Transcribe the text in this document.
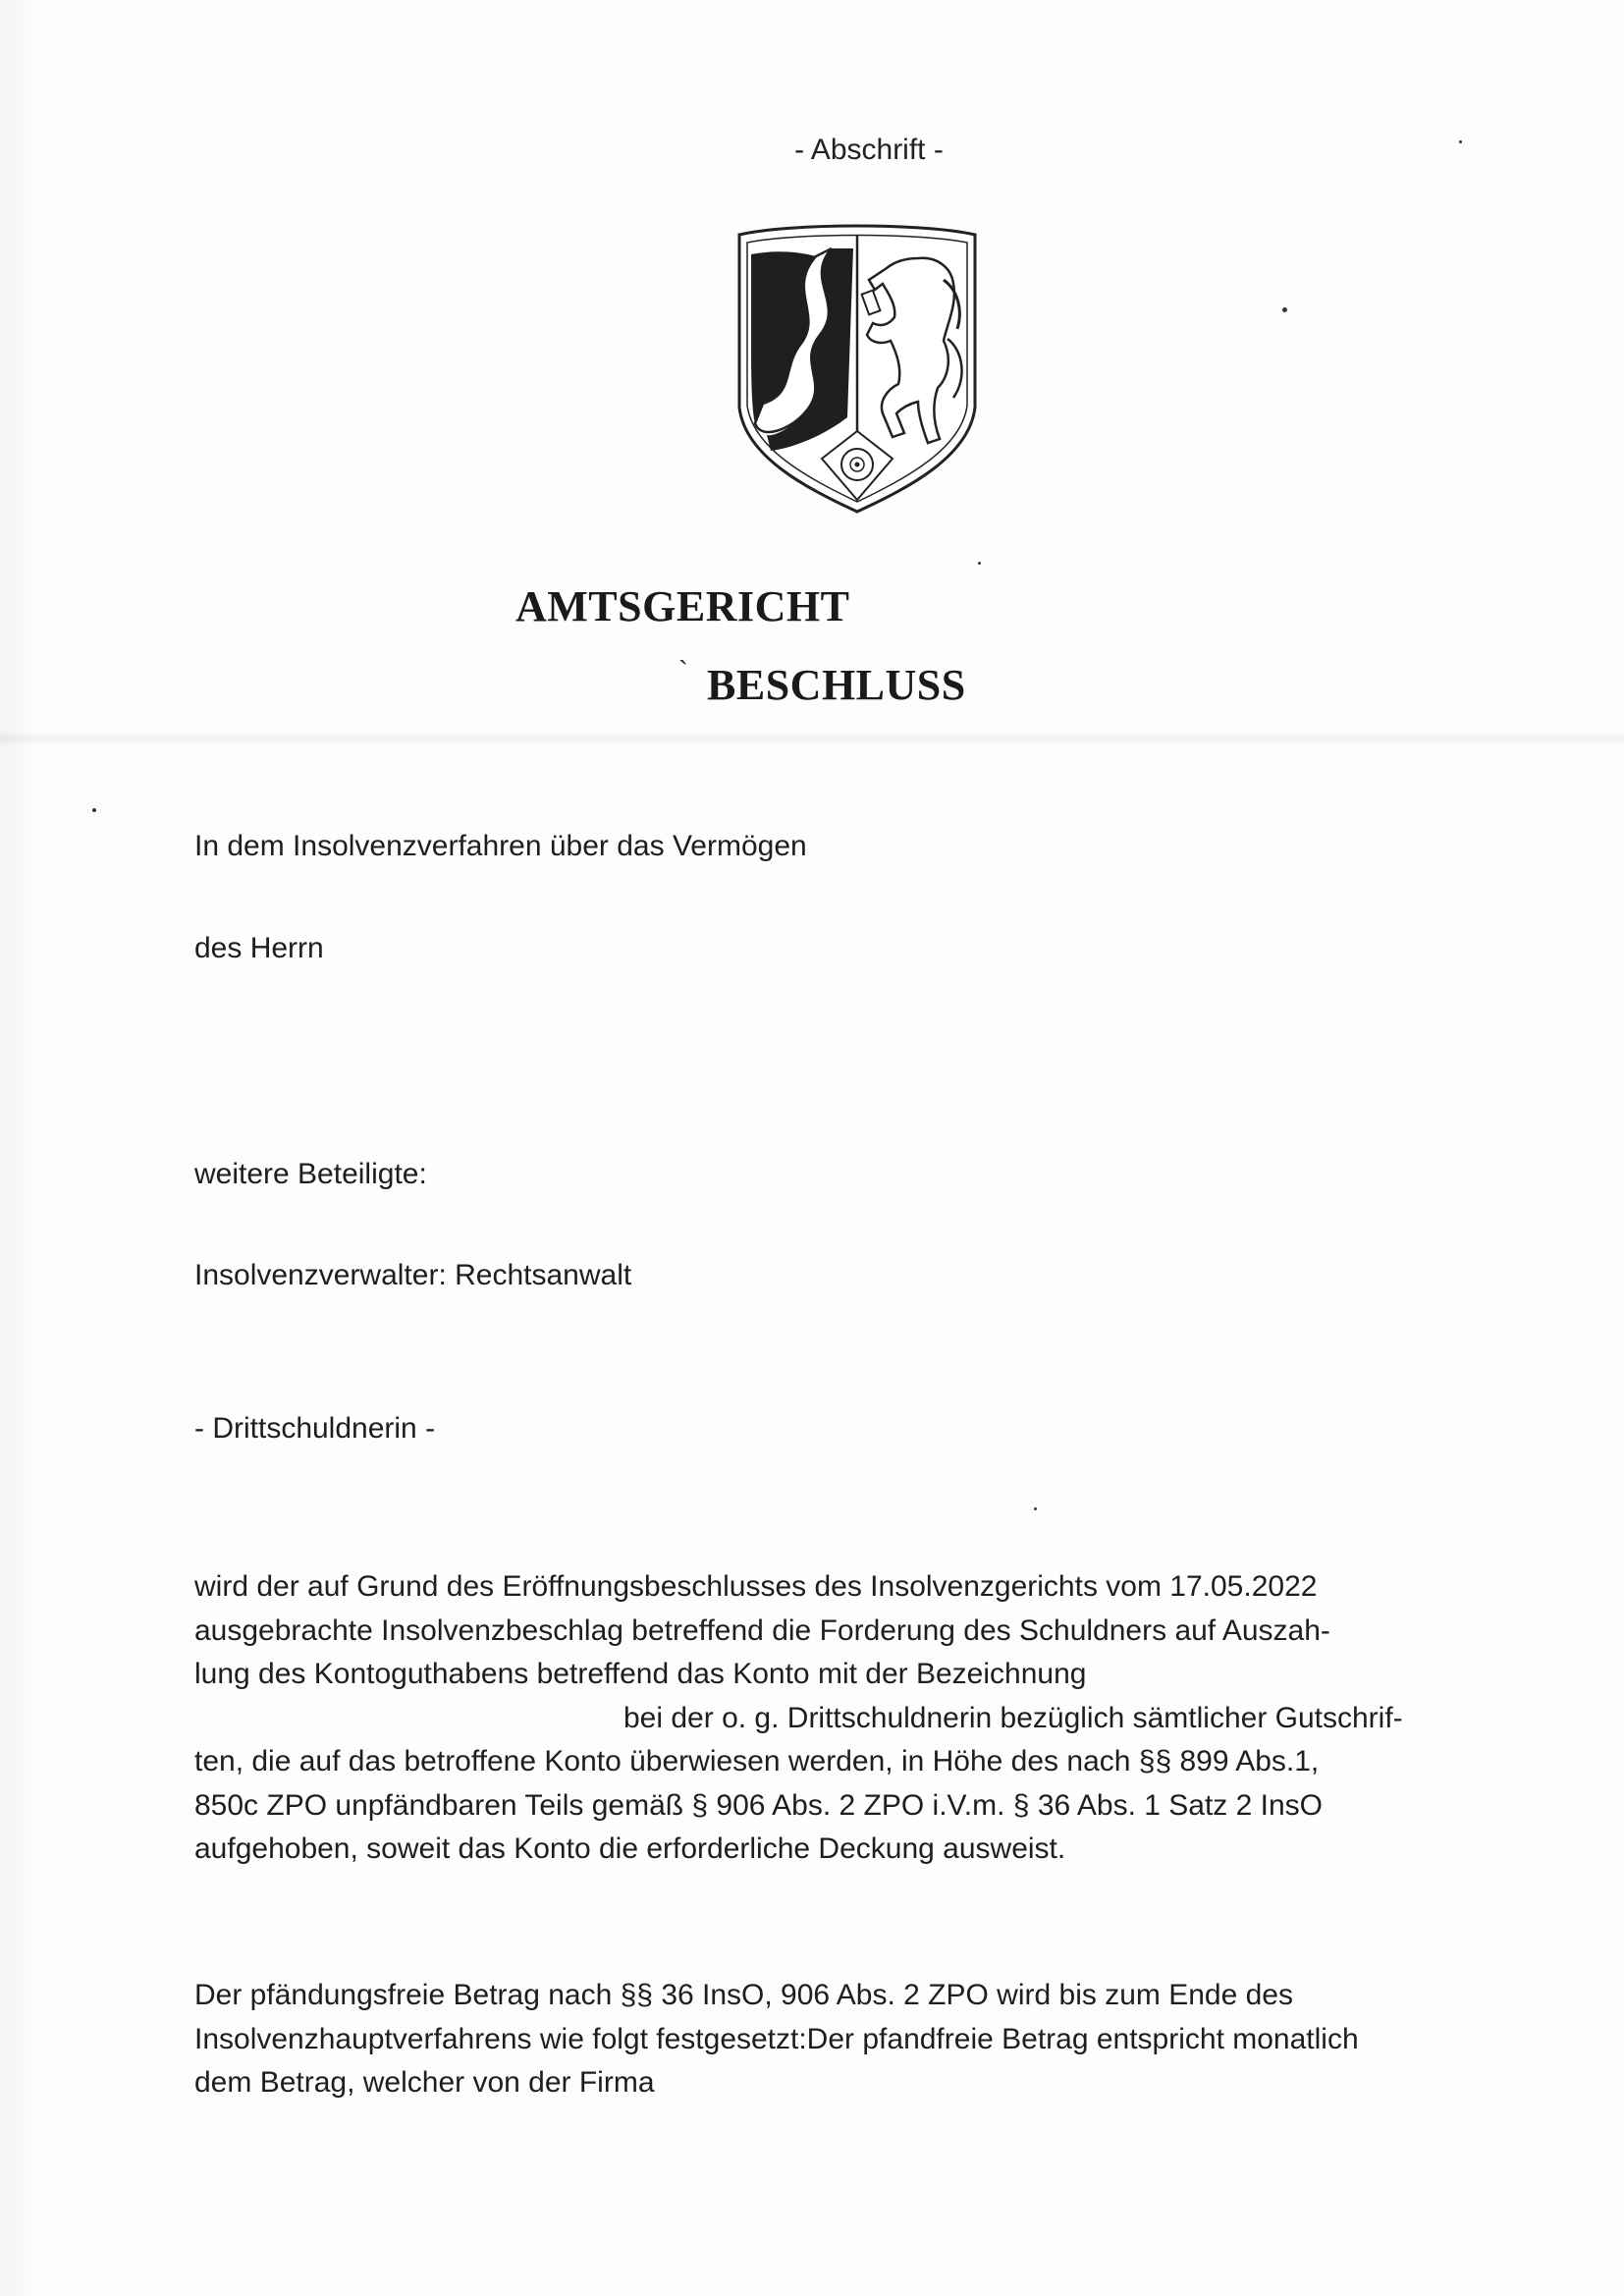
- Abschrift -
AMTSGERICHT
` BESCHLUSS
In dem Insolvenzverfahren über das Vermögen
des Herrn
weitere Beteiligte:
Insolvenzverwalter: Rechtsanwalt
- Drittschuldnerin -

wird der auf Grund des Eröffnungsbeschlusses des Insolvenzgerichts vom 17.05.2022

ausgebrachte Insolvenzbeschlag betreffend die Forderung des Schuldners auf Auszah-

lung des Kontoguthabens betreffend das Konto mit der Bezeichnung

bei der o. g. Drittschuldnerin bezüglich sämtlicher Gutschrif-

ten, die auf das betroffene Konto überwiesen werden, in Höhe des nach §§ 899 Abs.1,

850c ZPO unpfändbaren Teils gemäß § 906 Abs. 2 ZPO i.V.m. § 36 Abs. 1 Satz 2 InsO

aufgehoben, soweit das Konto die erforderliche Deckung ausweist.

Der pfändungsfreie Betrag nach §§ 36 InsO, 906 Abs. 2 ZPO wird bis zum Ende des

Insolvenzhauptverfahrens wie folgt festgesetzt:Der pfandfreie Betrag entspricht monatlich

dem Betrag, welcher von der Firma
